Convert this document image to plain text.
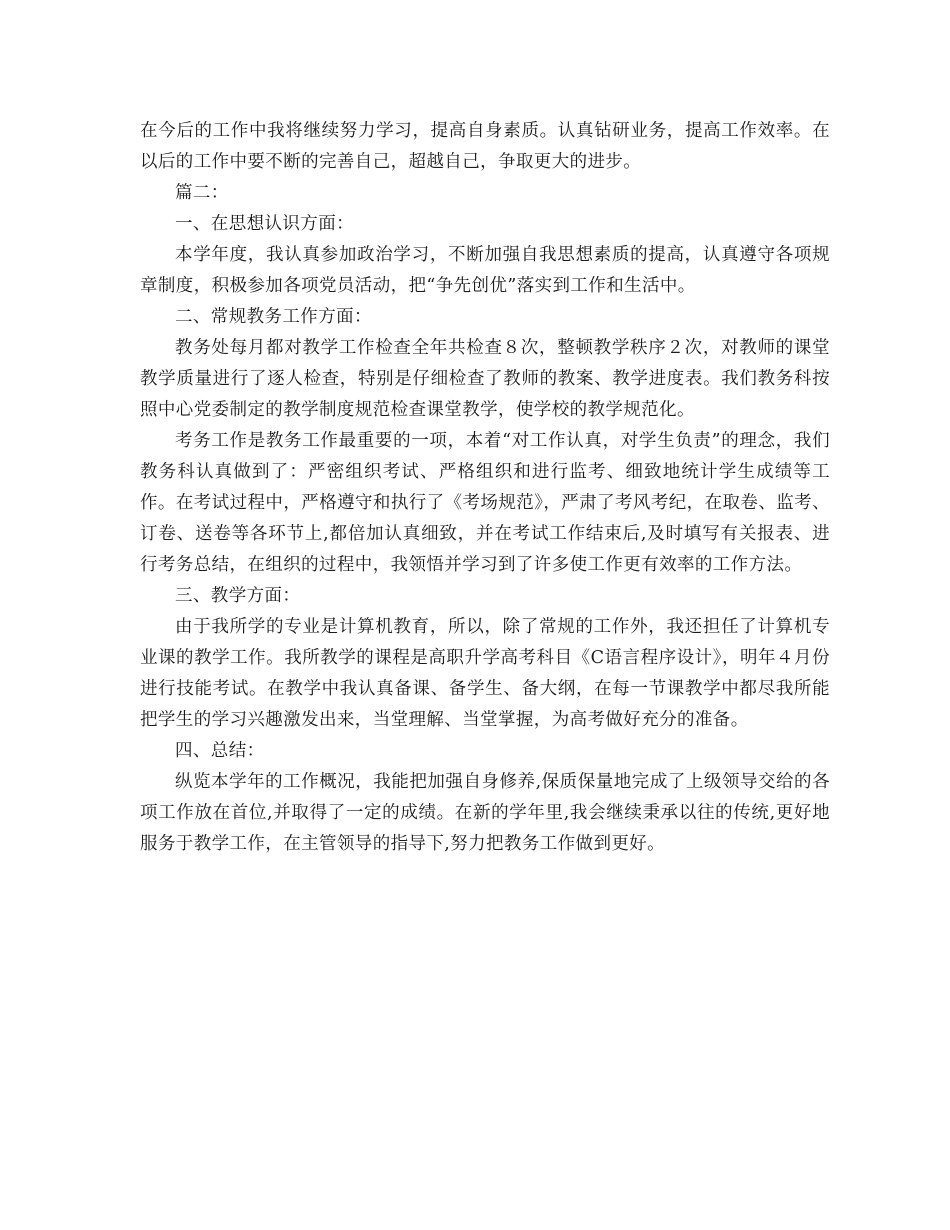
在今后的工作中我将继续努力学习，提高自身素质。认真钻研业务，提高工作效率。在以后的工作中要不断的完善自己，超越自己，争取更大的进步。

篇二：

一、在思想认识方面：

本学年度，我认真参加政治学习，不断加强自我思想素质的提高，认真遵守各项规章制度，积极参加各项党员活动，把“争先创优”落实到工作和生活中。

二、常规教务工作方面：

教务处每月都对教学工作检查全年共检查８次，整顿教学秩序２次，对教师的课堂教学质量进行了逐人检查，特别是仔细检查了教师的教案、教学进度表。我们教务科按照中心党委制定的教学制度规范检查课堂教学，使学校的教学规范化。

考务工作是教务工作最重要的一项，本着“对工作认真，对学生负责”的理念，我们教务科认真做到了：严密组织考试、严格组织和进行监考、细致地统计学生成绩等工作。在考试过程中，严格遵守和执行了《考场规范》，严肃了考风考纪，在取卷、监考、订卷、送卷等各环节上,都倍加认真细致，并在考试工作结束后,及时填写有关报表、进行考务总结，在组织的过程中，我领悟并学习到了许多使工作更有效率的工作方法。

三、教学方面：

由于我所学的专业是计算机教育，所以，除了常规的工作外，我还担任了计算机专业课的教学工作。我所教学的课程是高职升学高考科目《C语言程序设计》，明年４月份进行技能考试。在教学中我认真备课、备学生、备大纲，在每一节课教学中都尽我所能把学生的学习兴趣激发出来，当堂理解、当堂掌握，为高考做好充分的准备。

四、总结：

纵览本学年的工作概况，我能把加强自身修养,保质保量地完成了上级领导交给的各项工作放在首位,并取得了一定的成绩。在新的学年里,我会继续秉承以往的传统,更好地服务于教学工作，在主管领导的指导下,努力把教务工作做到更好。
